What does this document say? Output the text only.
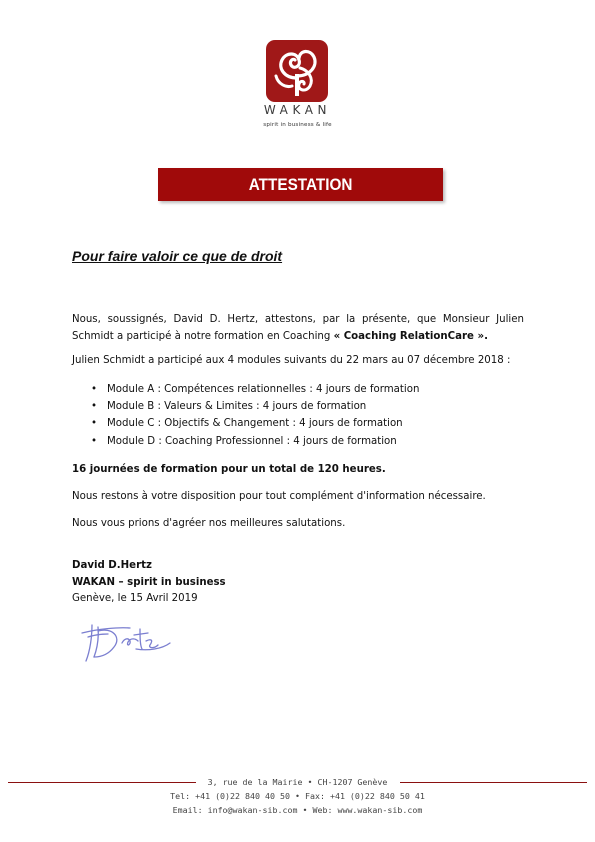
WAKAN
spirit in business & life
ATTESTATION
Pour faire valoir ce que de droit
Nous, soussignés, David D. Hertz, attestons, par la présente, que Monsieur Julien Schmidt a participé à notre formation en Coaching « Coaching RelationCare ».
Julien Schmidt a participé aux 4 modules suivants du 22 mars au 07 décembre 2018 :
• Module A : Compétences relationnelles : 4 jours de formation
• Module B : Valeurs & Limites : 4 jours de formation
• Module C : Objectifs & Changement : 4 jours de formation
• Module D : Coaching Professionnel : 4 jours de formation
16 journées de formation pour un total de 120 heures.
Nous restons à votre disposition pour tout complément d'information nécessaire.
Nous vous prions d'agréer nos meilleures salutations.
David D.Hertz
WAKAN – spirit in business
Genève, le 15 Avril 2019
3, rue de la Mairie • CH-1207 Genève
Tel: +41 (0)22 840 40 50 • Fax: +41 (0)22 840 50 41
Email: info@wakan-sib.com • Web: www.wakan-sib.com
